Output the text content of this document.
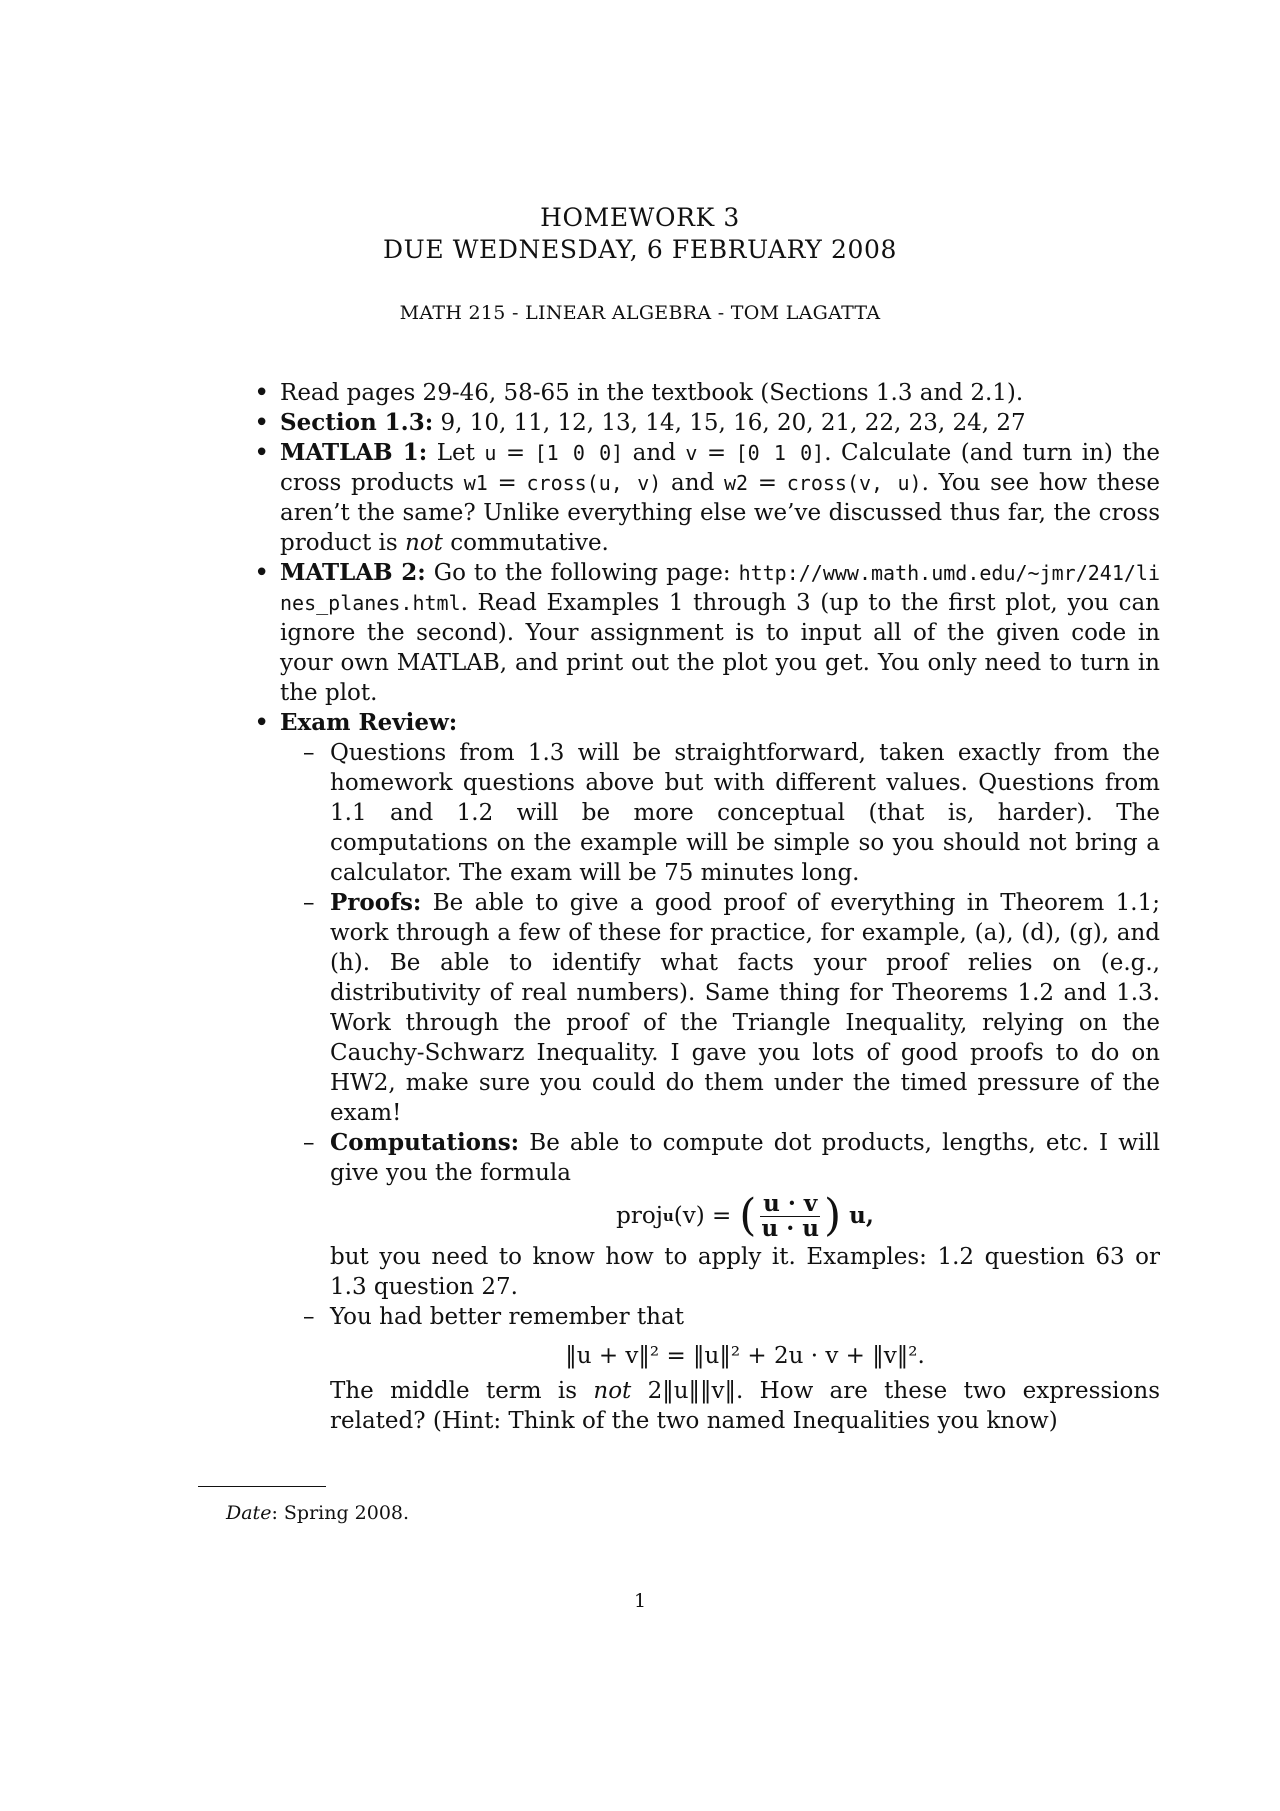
HOMEWORK 3
DUE WEDNESDAY, 6 FEBRUARY 2008
MATH 215 - LINEAR ALGEBRA - TOM LAGATTA
• Read pages 29-46, 58-65 in the textbook (Sections 1.3 and 2.1).
• Section 1.3: 9, 10, 11, 12, 13, 14, 15, 16, 20, 21, 22, 23, 24, 27
• MATLAB 1: Let u = [1 0 0] and v = [0 1 0]. Calculate (and turn in) the cross products w1 = cross(u, v) and w2 = cross(v, u). You see how these aren’t the same? Unlike everything else we’ve discussed thus far, the cross product is not commutative.
• MATLAB 2: Go to the following page: http://www.math.umd.edu/~jmr/241/lines_planes.html. Read Examples 1 through 3 (up to the first plot, you can ignore the second). Your assignment is to input all of the given code in your own MATLAB, and print out the plot you get. You only need to turn in the plot.
• Exam Review:
– Questions from 1.3 will be straightforward, taken exactly from the homework questions above but with different values. Questions from 1.1 and 1.2 will be more conceptual (that is, harder). The computations on the example will be simple so you should not bring a calculator. The exam will be 75 minutes long.
– Proofs: Be able to give a good proof of everything in Theorem 1.1; work through a few of these for practice, for example, (a), (d), (g), and (h). Be able to identify what facts your proof relies on (e.g., distributivity of real numbers). Same thing for Theorems 1.2 and 1.3. Work through the proof of the Triangle Inequality, relying on the Cauchy-Schwarz Inequality. I gave you lots of good proofs to do on HW2, make sure you could do them under the timed pressure of the exam!
– Computations: Be able to compute dot products, lengths, etc. I will give you the formula
proj u (v) = ( $\frac{u \cdot v}{u \cdot u}$ ) u,
but you need to know how to apply it. Examples: 1.2 question 63 or 1.3 question 27.
– You had better remember that
‖u + v‖² = ‖u‖² + 2u · v + ‖v‖².
The middle term is not 2‖u‖‖v‖. How are these two expressions related? (Hint: Think of the two named Inequalities you know)
Date: Spring 2008.
1
